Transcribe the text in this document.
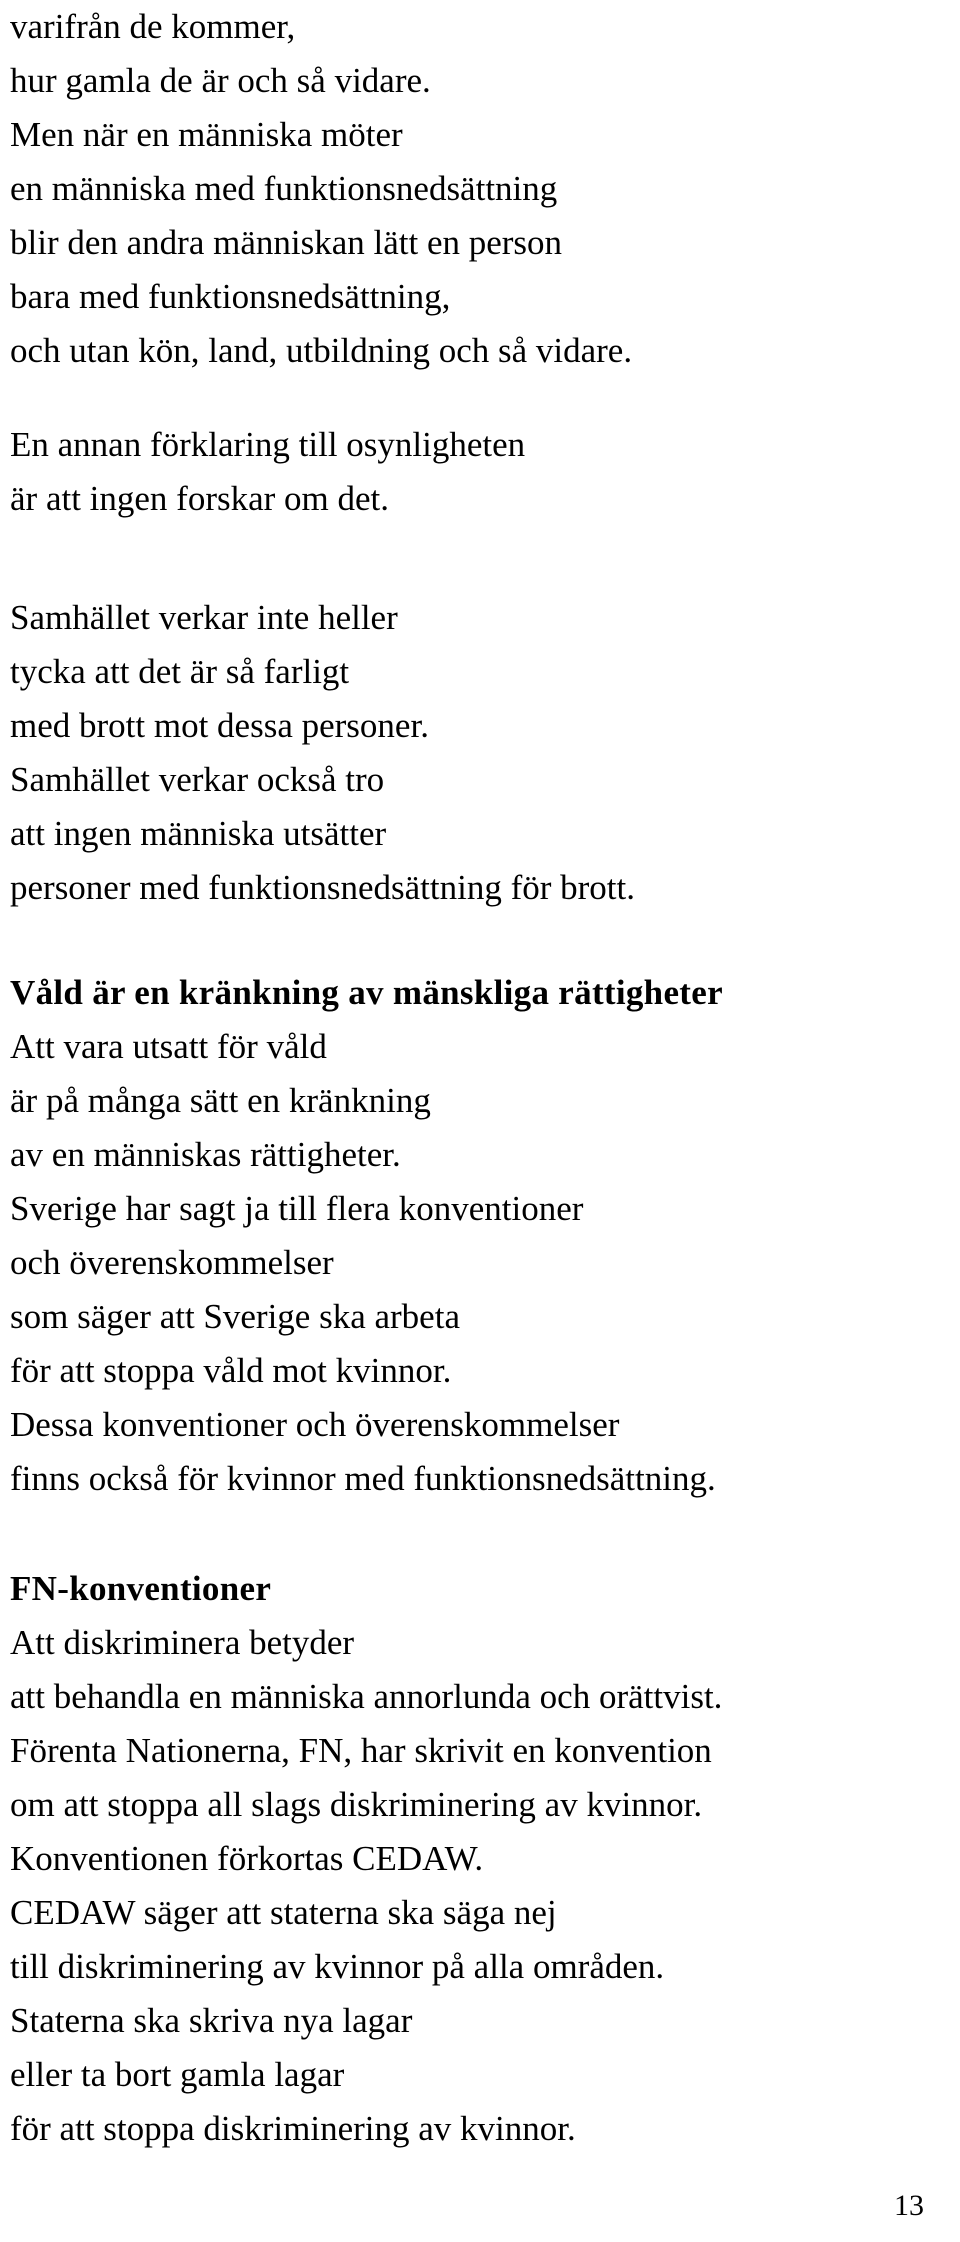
varifrån de kommer,
hur gamla de är och så vidare.
Men när en människa möter
en människa med funktionsnedsättning
blir den andra människan lätt en person
bara med funktionsnedsättning,
och utan kön, land, utbildning och så vidare.
En annan förklaring till osynligheten
är att ingen forskar om det.
Samhället verkar inte heller
tycka att det är så farligt
med brott mot dessa personer.
Samhället verkar också tro
att ingen människa utsätter
personer med funktionsnedsättning för brott.
Våld är en kränkning av mänskliga rättigheter
Att vara utsatt för våld
är på många sätt en kränkning
av en människas rättigheter.
Sverige har sagt ja till flera konventioner
och överenskommelser
som säger att Sverige ska arbeta
för att stoppa våld mot kvinnor.
Dessa konventioner och överenskommelser
finns också för kvinnor med funktionsnedsättning.
FN-konventioner
Att diskriminera betyder
att behandla en människa annorlunda och orättvist.
Förenta Nationerna, FN, har skrivit en konvention
om att stoppa all slags diskriminering av kvinnor.
Konventionen förkortas CEDAW.
CEDAW säger att staterna ska säga nej
till diskriminering av kvinnor på alla områden.
Staterna ska skriva nya lagar
eller ta bort gamla lagar
för att stoppa diskriminering av kvinnor.
13
